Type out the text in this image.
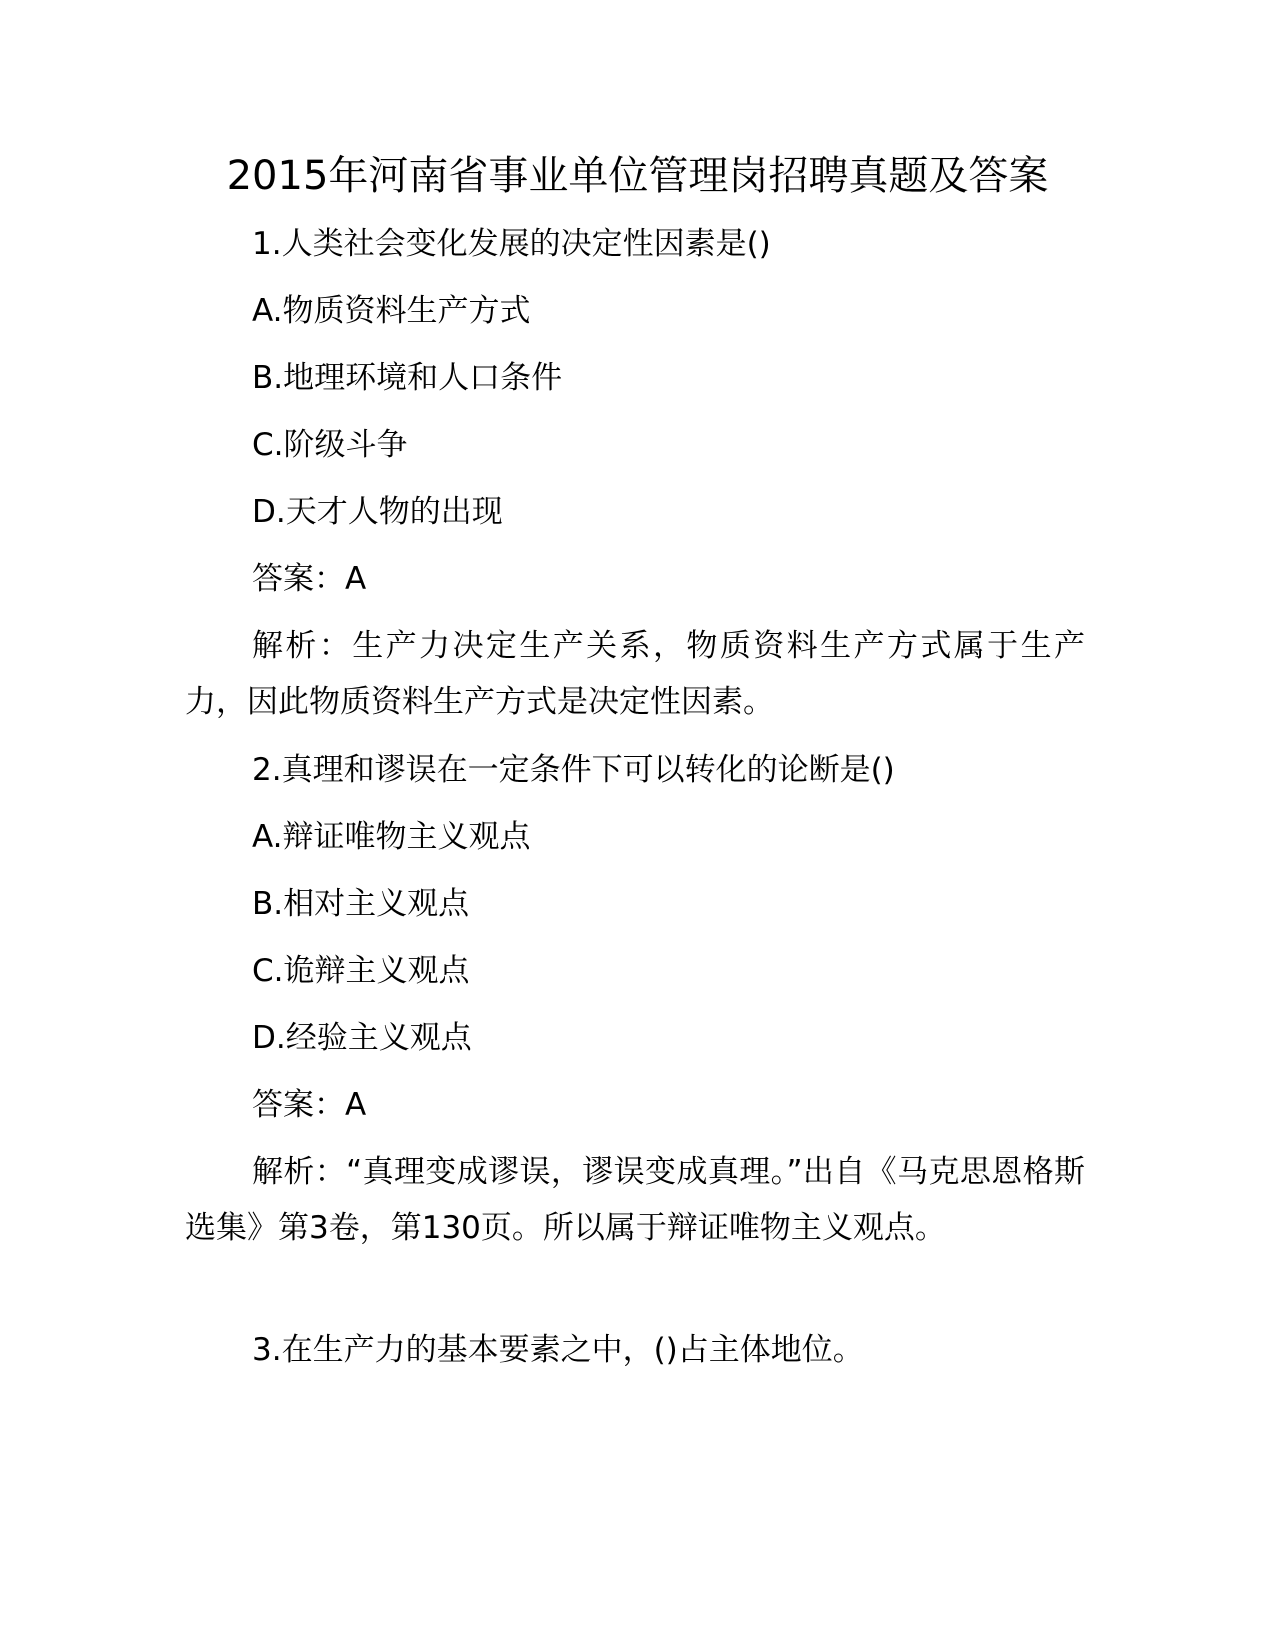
2015年河南省事业单位管理岗招聘真题及答案
1.人类社会变化发展的决定性因素是()
A.物质资料生产方式
B.地理环境和人口条件
C.阶级斗争
D.天才人物的出现
答案：A

解析：生产力决定生产关系，物质资料生产方式属于生产力，因此物质资料生产方式是决定性因素。

2.真理和谬误在一定条件下可以转化的论断是()
A.辩证唯物主义观点
B.相对主义观点
C.诡辩主义观点
D.经验主义观点
答案：A

解析：“真理变成谬误，谬误变成真理。”出自《马克思恩格斯选集》第3卷，第130页。所以属于辩证唯物主义观点。

3.在生产力的基本要素之中，()占主体地位。
